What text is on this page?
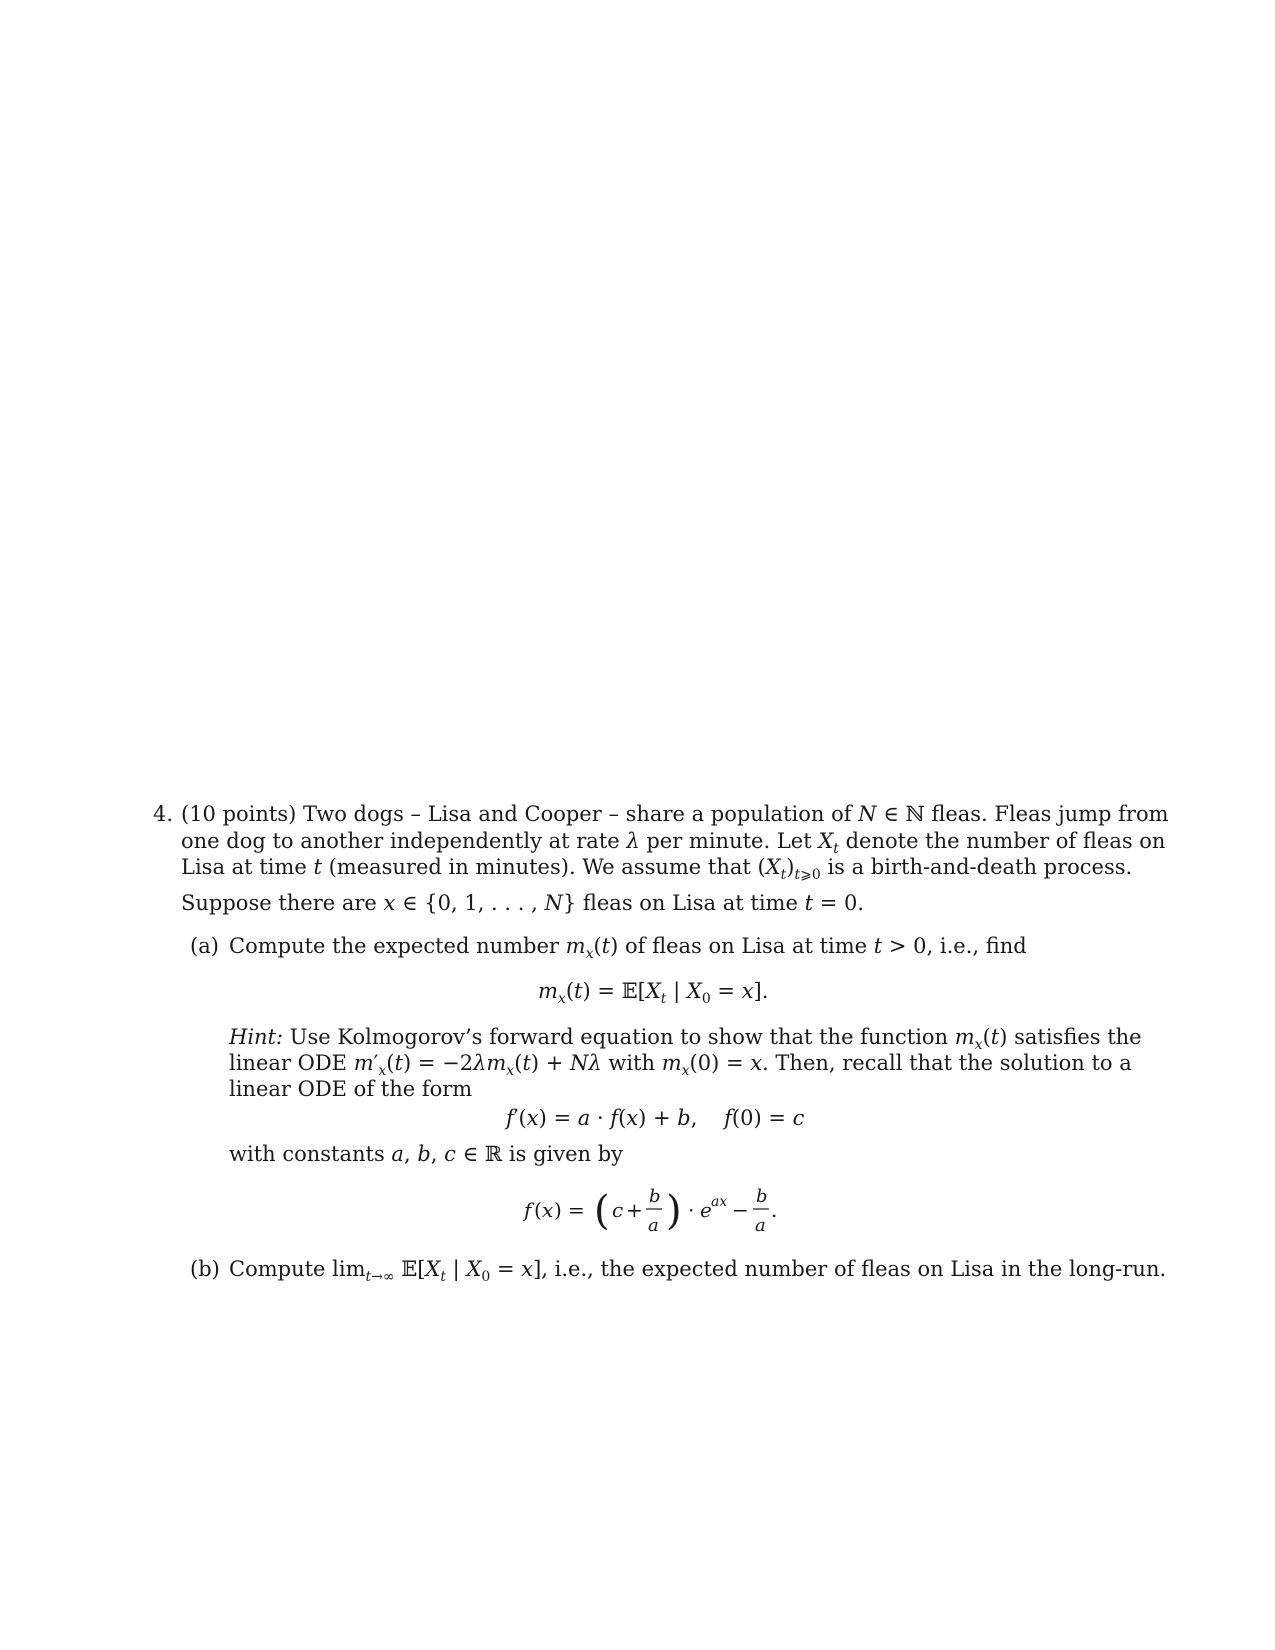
4. (10 points) Two dogs – Lisa and Cooper – share a population of N ∈ ℕ fleas. Fleas jump from
one dog to another independently at rate λ per minute. Let $X_t$ denote the number of fleas on
Lisa at time t (measured in minutes). We assume that $(X_t)_{t⩾0}$ is a birth-and-death process.
Suppose there are x ∈ {0, 1, . . . , N} fleas on Lisa at time t = 0.
(a) Compute the expected number $m_x(t)$ of fleas on Lisa at time t > 0, i.e., find
$m_x(t)$ = $𝔼[X_t$ | $X_0 = x$].
Hint: Use Kolmogorov’s forward equation to show that the function $m_x(t)$ satisfies the
linear ODE $m'_x(t) = -2\lambda m_x(t) + N\lambda$ with $m_x(0) = x$. Then, recall that the solution to a
linear ODE of the form
f′(x) = a · f(x) + b,    f(0) = c
with constants a, b, c ∈ ℝ is given by
f ( x ) = ( c +
b
a ) · e ax −
b
a
.
(b) Compute $\lim_{t\to\infty}$ $𝔼[X_t$ | $X_0 = x$], i.e., the expected number of fleas on Lisa in the long-run.
